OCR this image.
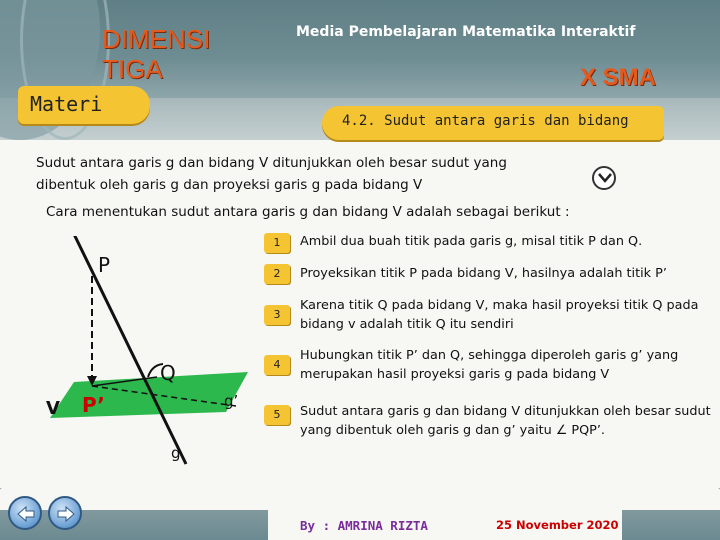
DIMENSI
TIGA
Media Pembelajaran Matematika Interaktif
X SMA
Materi
4.2. Sudut antara garis dan bidang
Sudut antara garis g dan bidang V ditunjukkan oleh besar sudut yang
dibentuk oleh garis g dan proyeksi garis g pada bidang V
Cara menentukan sudut antara garis g dan bidang V adalah sebagai berikut :
1	Ambil dua buah titik pada garis g, misal titik P dan Q.
2	Proyeksikan titik P pada bidang V, hasilnya adalah titik P’
3
Karena titik Q pada bidang V, maka hasil proyeksi titik Q pada bidang v adalah titik Q itu sendiri
4
Hubungkan titik P’ dan Q, sehingga diperoleh garis g’ yang merupakan hasil proyeksi garis g pada bidang V
5	Sudut antara garis g dan bidang V ditunjukkan oleh besar sudut yang dibentuk oleh garis g dan g’ yaitu ∠ PQP’.
P
Q
P’
V
g
g’
By : AMRINA RIZTA	25 November 2020
